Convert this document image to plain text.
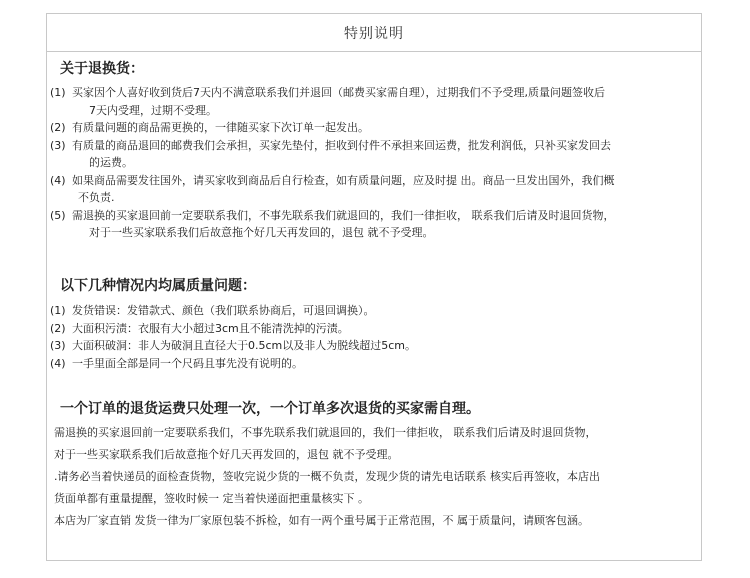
特别说明
关于退换货：
(1) 买家因个人喜好收到货后7天内不满意联系我们并退回（邮费买家需自理），过期我们不予受理,质量问题签收后
7天内受理，过期不受理。
(2) 有质量问题的商品需更换的，一律随买家下次订单一起发出。
(3) 有质量的商品退回的邮费我们会承担，买家先垫付，拒收到付件不承担来回运费，批发利润低，只补买家发回去
的运费。
(4) 如果商品需要发往国外，请买家收到商品后自行检查，如有质量问题，应及时提 出。商品一旦发出国外，我们概
不负责.
(5) 需退换的买家退回前一定要联系我们，不事先联系我们就退回的，我们一律拒收， 联系我们后请及时退回货物，
对于一些买家联系我们后故意拖个好几天再发回的，退包 就不予受理。
以下几种情况内均属质量问题：
(1) 发货错误：发错款式、颜色（我们联系协商后，可退回调换）。
(2) 大面积污渍：衣服有大小超过3cm且不能清洗掉的污渍。
(3) 大面积破洞：非人为破洞且直径大于0.5cm以及非人为脱线超过5cm。
(4) 一手里面全部是同一个尺码且事先没有说明的。
一个订单的退货运费只处理一次，一个订单多次退货的买家需自理。
需退换的买家退回前一定要联系我们，不事先联系我们就退回的，我们一律拒收， 联系我们后请及时退回货物，
对于一些买家联系我们后故意拖个好几天再发回的，退包 就不予受理。
.请务必当着快递员的面检查货物，签收完说少货的一概不负责，发现少货的请先电话联系 核实后再签收，本店出
货面单都有重量提醒，签收时候一 定当着快递面把重量核实下 。
本店为厂家直销 发货一律为厂家原包装不拆检，如有一两个重号属于正常范围，不 属于质量问，请顾客包涵。
